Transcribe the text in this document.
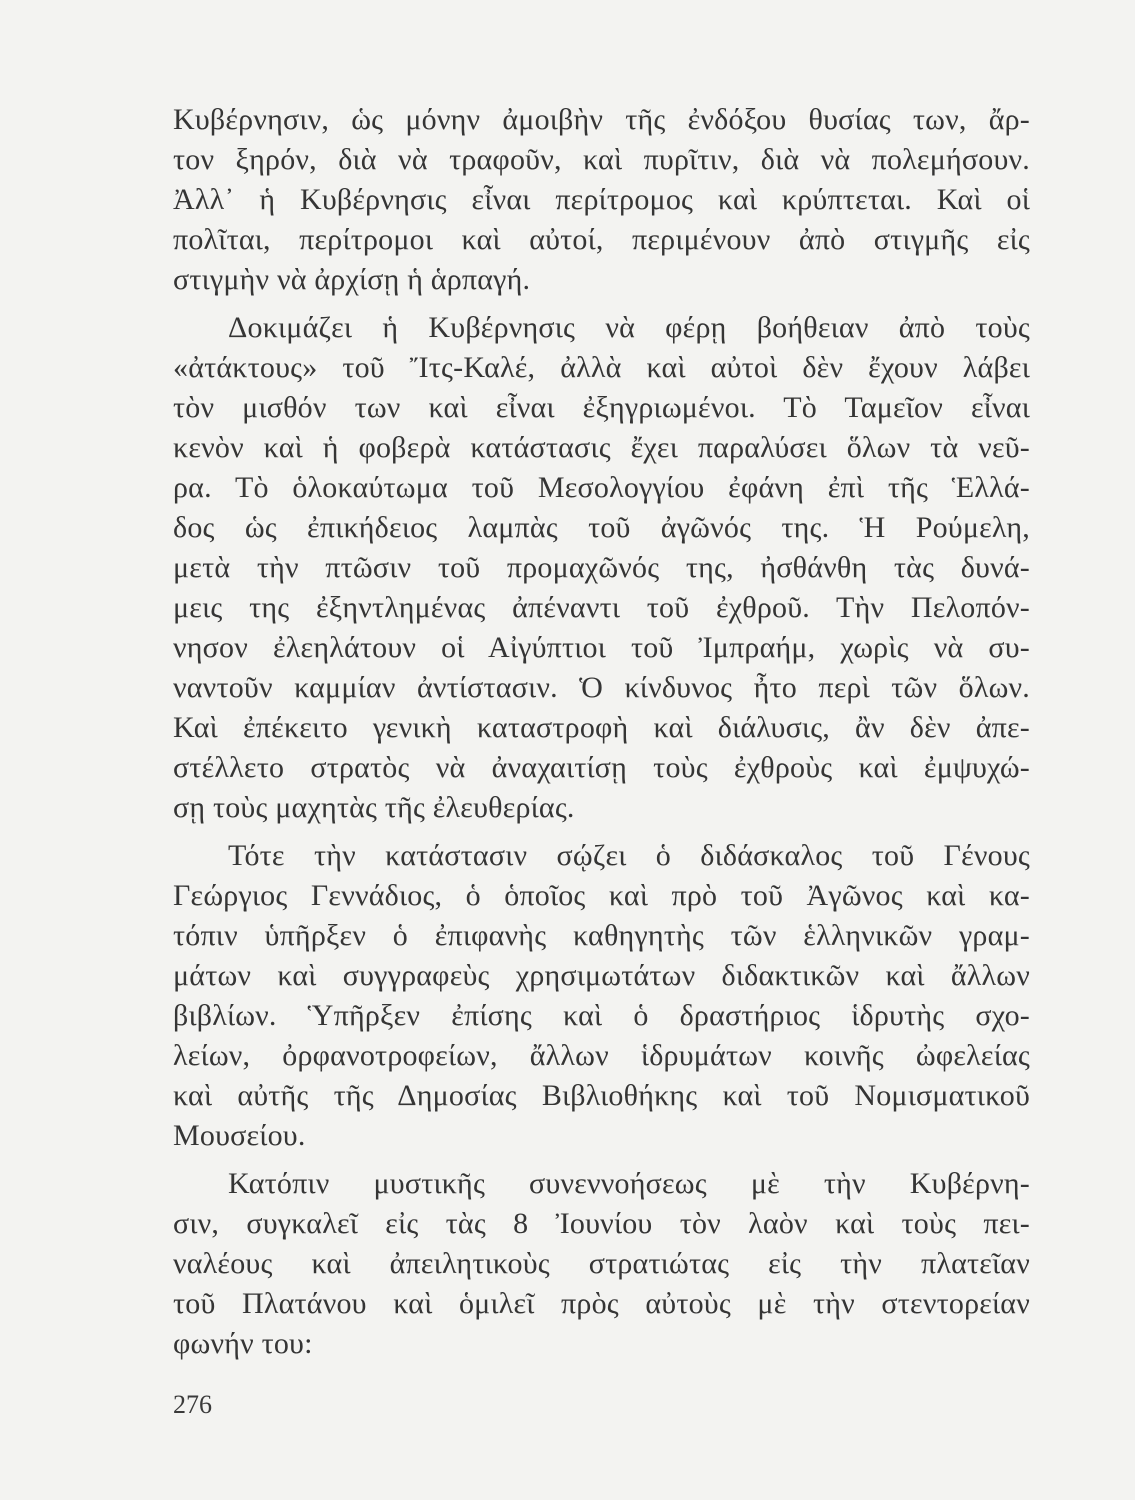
Κυβέρνησιν, ὡς μόνην ἀμοιβὴν τῆς ἐνδόξου θυσίας των, ἄρ-
τον ξηρόν, διὰ νὰ τραφοῦν, καὶ πυρῖτιν, διὰ νὰ πολεμήσουν.
Ἀλλ᾿ ἡ Κυβέρνησις εἶναι περίτρομος καὶ κρύπτεται. Καὶ οἱ
πολῖται, περίτρομοι καὶ αὐτοί, περιμένουν ἀπὸ στιγμῆς εἰς
στιγμὴν νὰ ἀρχίσῃ ἡ ἁρπαγή.
Δοκιμάζει ἡ Κυβέρνησις νὰ φέρῃ βοήθειαν ἀπὸ τοὺς
«ἀτάκτους» τοῦ Ἴτς-Καλέ, ἀλλὰ καὶ αὐτοὶ δὲν ἔχουν λάβει
τὸν μισθόν των καὶ εἶναι ἐξηγριωμένοι. Τὸ Ταμεῖον εἶναι
κενὸν καὶ ἡ φοβερὰ κατάστασις ἔχει παραλύσει ὅλων τὰ νεῦ-
ρα. Τὸ ὁλοκαύτωμα τοῦ Μεσολογγίου ἐφάνη ἐπὶ τῆς Ἑλλά-
δος ὡς ἐπικήδειος λαμπὰς τοῦ ἀγῶνός της. Ἡ Ρούμελη,
μετὰ τὴν πτῶσιν τοῦ προμαχῶνός της, ἠσθάνθη τὰς δυνά-
μεις της ἐξηντλημένας ἀπέναντι τοῦ ἐχθροῦ. Τὴν Πελοπόν-
νησον ἐλεηλάτουν οἱ Αἰγύπτιοι τοῦ Ἰμπραήμ, χωρὶς νὰ συ-
ναντοῦν καμμίαν ἀντίστασιν. Ὁ κίνδυνος ἦτο περὶ τῶν ὅλων.
Καὶ ἐπέκειτο γενικὴ καταστροφὴ καὶ διάλυσις, ἂν δὲν ἀπε-
στέλλετο στρατὸς νὰ ἀναχαιτίσῃ τοὺς ἐχθροὺς καὶ ἐμψυχώ-
σῃ τοὺς μαχητὰς τῆς ἐλευθερίας.
Τότε τὴν κατάστασιν σῴζει ὁ διδάσκαλος τοῦ Γένους
Γεώργιος Γεννάδιος, ὁ ὁποῖος καὶ πρὸ τοῦ Ἀγῶνος καὶ κα-
τόπιν ὑπῆρξεν ὁ ἐπιφανὴς καθηγητὴς τῶν ἑλληνικῶν γραμ-
μάτων καὶ συγγραφεὺς χρησιμωτάτων διδακτικῶν καὶ ἄλλων
βιβλίων. Ὑπῆρξεν ἐπίσης καὶ ὁ δραστήριος ἱδρυτὴς σχο-
λείων, ὀρφανοτροφείων, ἄλλων ἱδρυμάτων κοινῆς ὠφελείας
καὶ αὐτῆς τῆς Δημοσίας Βιβλιοθήκης καὶ τοῦ Νομισματικοῦ
Μουσείου.
Κατόπιν μυστικῆς συνεννοήσεως μὲ τὴν Κυβέρνη-
σιν, συγκαλεῖ εἰς τὰς 8 Ἰουνίου τὸν λαὸν καὶ τοὺς πει-
ναλέους καὶ ἀπειλητικοὺς στρατιώτας εἰς τὴν πλατεῖαν
τοῦ Πλατάνου καὶ ὁμιλεῖ πρὸς αὐτοὺς μὲ τὴν στεντορείαν
φωνήν του:
276
